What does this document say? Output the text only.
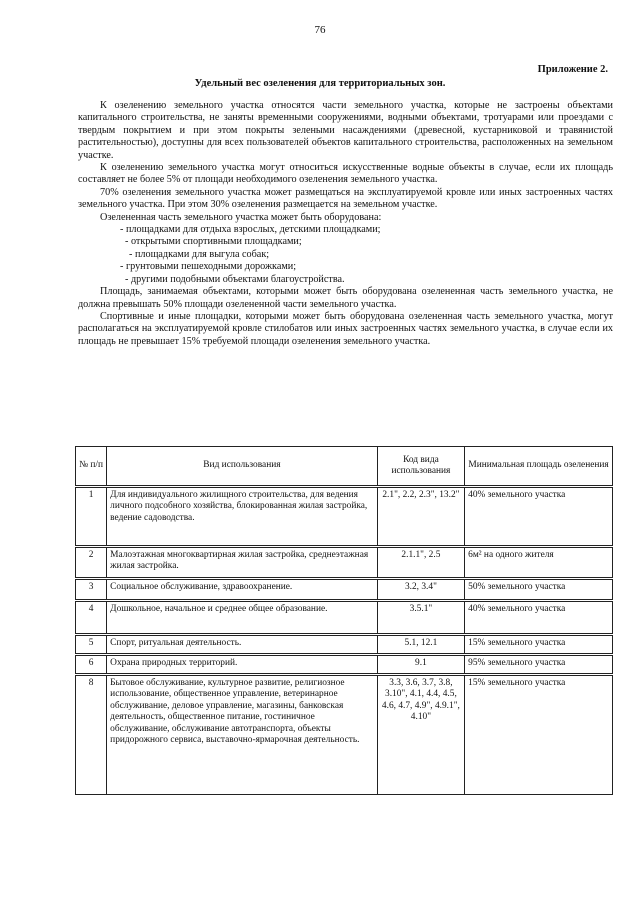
76
Приложение 2.
Удельный вес озеленения для территориальных зон.

К озеленению земельного участка относятся части земельного участка, которые не застроены объектами капитального строительства, не заняты временными сооружениями, водными объектами, тротуарами или проездами с твердым покрытием и при этом покрыты зелеными насаждениями (древесной, кустарниковой и травянистой растительностью), доступны для всех пользователей объектов капитального строительства, расположенных на земельном участке.

К озеленению земельного участка могут относиться искусственные водные объекты в случае, если их площадь составляет не более 5% от площади необходимого озеленения земельного участка.

70% озеленения земельного участка может размещаться на эксплуатируемой кровле или иных застроенных частях земельного участка. При этом 30% озеленения размещается на земельном участке.

Озелененная часть земельного участка может быть оборудована:

- площадками для отдыха взрослых, детскими площадками;
- открытыми спортивными площадками;
- площадками для выгула собак;
- грунтовыми пешеходными дорожками;
- другими подобными объектами благоустройства.

Площадь, занимаемая объектами, которыми может быть оборудована озелененная часть земельного участка, не должна превышать 50% площади озелененной части земельного участка.

Спортивные и иные площадки, которыми может быть оборудована озелененная часть земельного участка, могут располагаться на эксплуатируемой кровле стилобатов или иных застроенных частях земельного участка, в случае если их площадь не превышает 15% требуемой площади озеленения земельного участка.

№ п/п	Вид использования	Код вида использования	Минимальная площадь озеленения
1	Для индивидуального жилищного строительства, для ведения личного подсобного хозяйства, блокированная жилая застройка, ведение садоводства.	2.1", 2.2, 2.3", 13.2"	40% земельного участка
2	Малоэтажная многоквартирная жилая застройка, среднеэтажная жилая застройка.	2.1.1", 2.5	6м² на одного жителя
3	Социальное обслуживание, здравоохранение.	3.2, 3.4"	50% земельного участка
4	Дошкольное, начальное и среднее общее образование.	3.5.1"	40% земельного участка
5	Спорт, ритуальная деятельность.	5.1, 12.1	15% земельного участка
6	Охрана природных территорий.	9.1	95% земельного участка
8	Бытовое обслуживание, культурное развитие, религиозное использование, общественное управление, ветеринарное обслуживание, деловое управление, магазины, банковская деятельность, общественное питание, гостиничное обслуживание, обслуживание автотранспорта, объекты придорожного сервиса, выставочно-ярмарочная деятельность.	3.3, 3.6, 3.7, 3.8, 3.10", 4.1, 4.4, 4.5, 4.6, 4.7, 4.9", 4.9.1", 4.10"	15% земельного участка
